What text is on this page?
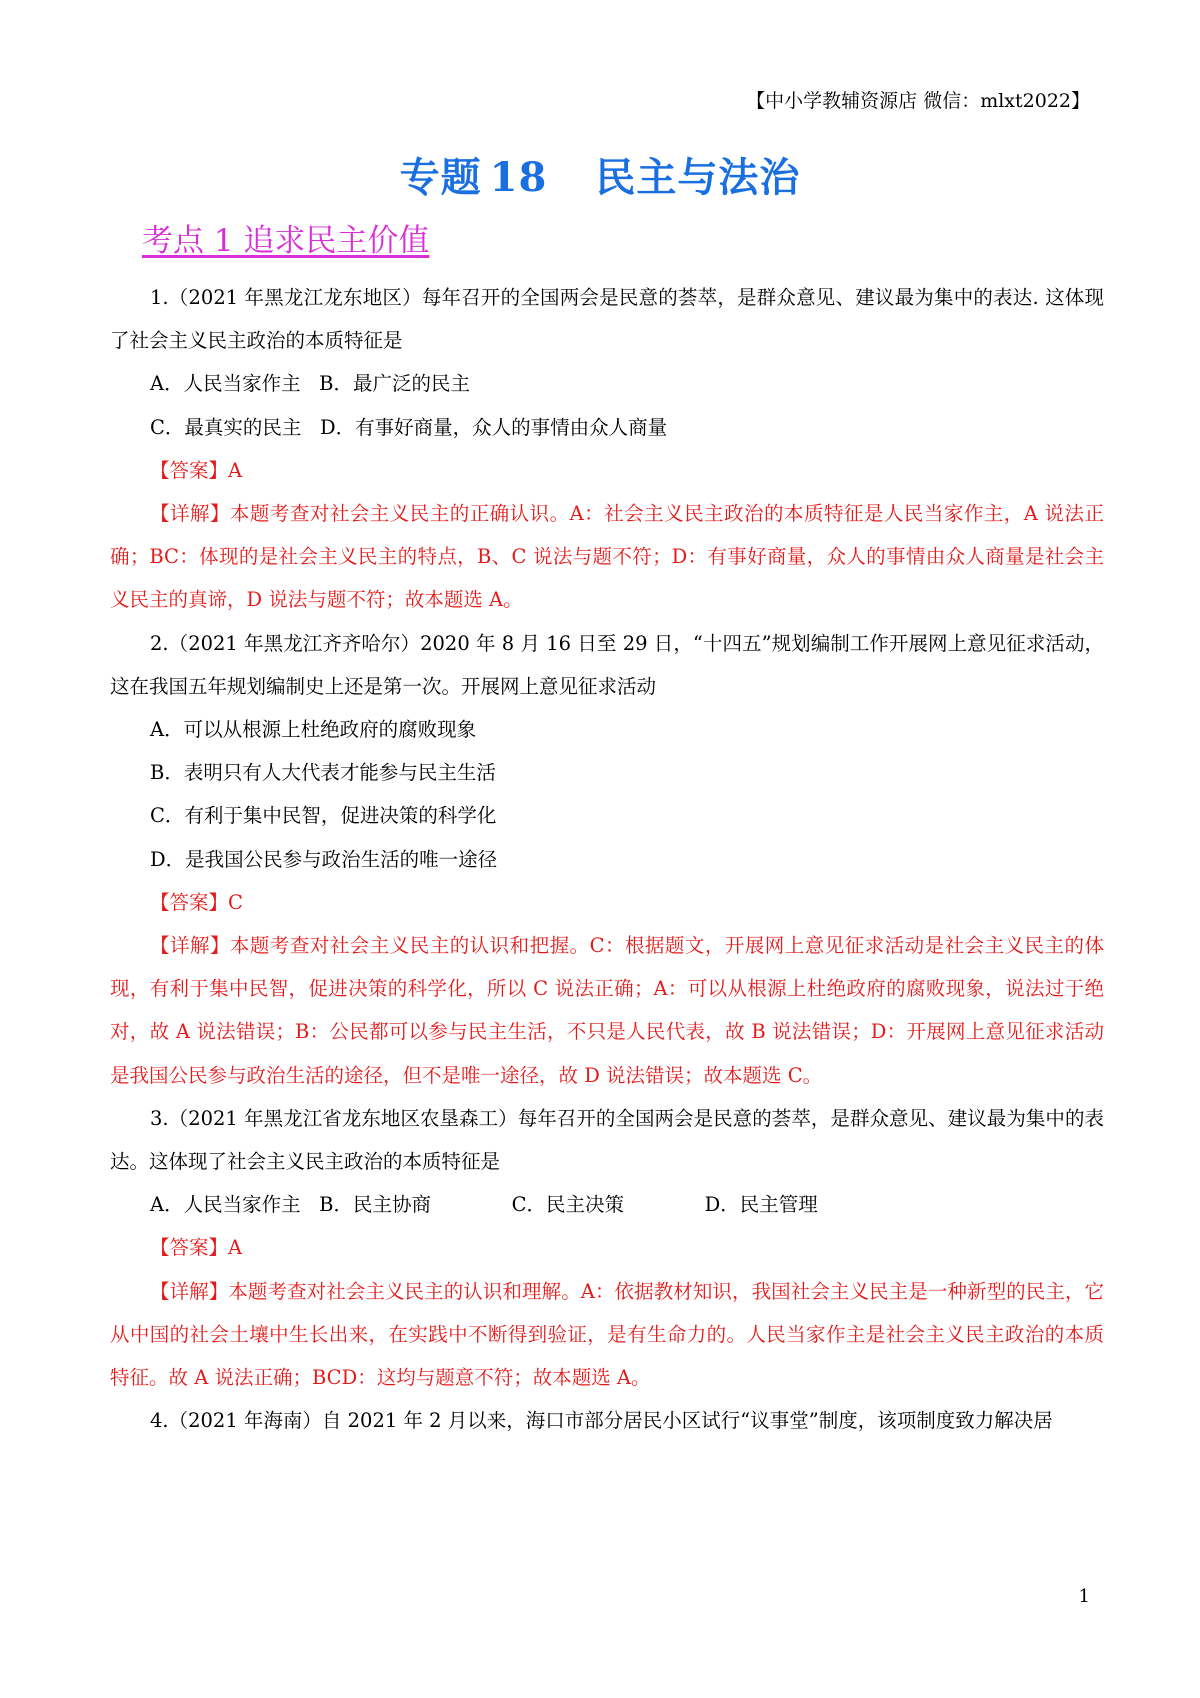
【中小学教辅资源店 微信：mlxt2022】
专题 18 民主与法治
考点 1 追求民主价值

1.（2021 年黑龙江龙东地区）每年召开的全国两会是民意的荟萃，是群众意见、建议最为集中的表达. 这体现了社会主义民主政治的本质特征是

A．人民当家作主   B．最广泛的民主

C．最真实的民主   D．有事好商量，众人的事情由众人商量

【答案】A

【详解】本题考查对社会主义民主的正确认识。A：社会主义民主政治的本质特征是人民当家作主，A 说法正确；BC：体现的是社会主义民主的特点，B、C 说法与题不符；D：有事好商量，众人的事情由众人商量是社会主义民主的真谛，D 说法与题不符；故本题选 A。

2.（2021 年黑龙江齐齐哈尔）2020 年 8 月 16 日至 29 日，“十四五”规划编制工作开展网上意见征求活动，这在我国五年规划编制史上还是第一次。开展网上意见征求活动

A．可以从根源上杜绝政府的腐败现象

B．表明只有人大代表才能参与民主生活

C．有利于集中民智，促进决策的科学化

D．是我国公民参与政治生活的唯一途径

【答案】C

【详解】本题考查对社会主义民主的认识和把握。C：根据题文，开展网上意见征求活动是社会主义民主的体现，有利于集中民智，促进决策的科学化，所以 C 说法正确；A：可以从根源上杜绝政府的腐败现象，说法过于绝对，故 A 说法错误；B：公民都可以参与民主生活，不只是人民代表，故 B 说法错误；D：开展网上意见征求活动是我国公民参与政治生活的途径，但不是唯一途径，故 D 说法错误；故本题选 C。

3.（2021 年黑龙江省龙东地区农垦森工）每年召开的全国两会是民意的荟萃，是群众意见、建议最为集中的表达。这体现了社会主义民主政治的本质特征是

A．人民当家作主   B．民主协商             C．民主决策             D．民主管理

【答案】A

【详解】本题考查对社会主义民主的认识和理解。A：依据教材知识，我国社会主义民主是一种新型的民主，它从中国的社会土壤中生长出来，在实践中不断得到验证，是有生命力的。人民当家作主是社会主义民主政治的本质特征。故 A 说法正确；BCD：这均与题意不符；故本题选 A。

4.（2021 年海南）自 2021 年 2 月以来，海口市部分居民小区试行“议事堂”制度，该项制度致力解决居

1
